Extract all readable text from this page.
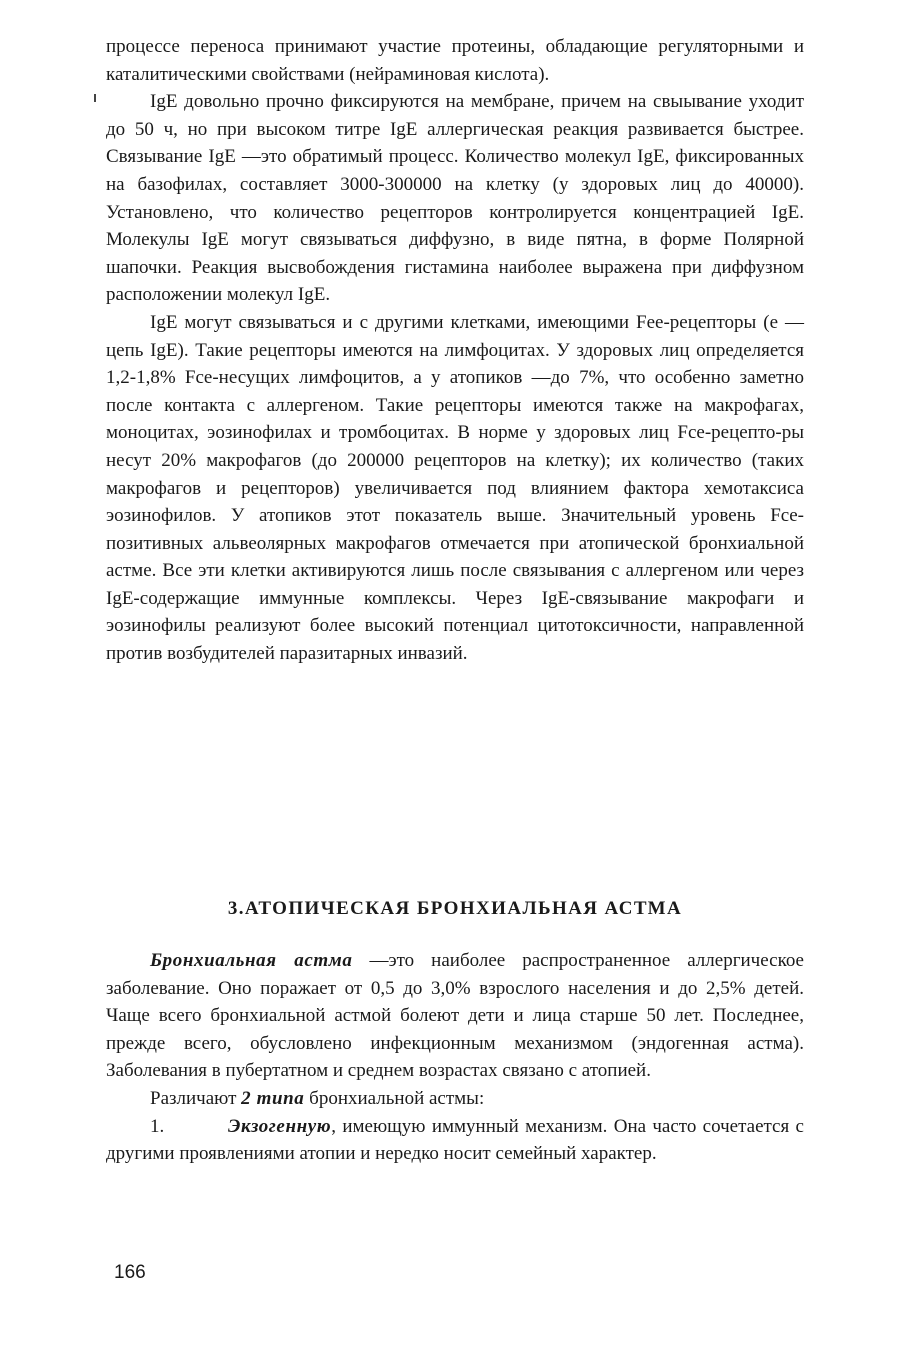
процессе переноса принимают участие протеины, обладающие регуляторными и каталитическими свойствами (нейраминовая кислота).

IgE довольно прочно фиксируются на мембране, причем на свыывание уходит до 50 ч, но при высоком титре IgE аллергическая реакция развивается быстрее. Связывание IgE —это обратимый процесс. Количество молекул IgE, фиксированных на базофилах, составляет 3000-300000 на клетку (у здоровых лиц до 40000). Установлено, что количество рецепторов контролируется концентрацией IgE. Молекулы IgE могут связываться диффузно, в виде пятна, в форме Полярной шапочки. Реакция высвобождения гистамина наиболее выражена при диффузном расположении молекул IgE.

IgE могут связываться и с другими клетками, имеющими Fee-рецепторы (е —цепь IgE). Такие рецепторы имеются на лимфоцитах. У здоровых лиц определяется 1,2-1,8% Fce-несущих лимфоцитов, а у атопиков —до 7%, что особенно заметно после контакта с аллергеном. Такие рецепторы имеются также на макрофагах, моноцитах, эозинофилах и тромбоцитах. В норме у здоровых лиц Fce-рецепто-ры несут 20% макрофагов (до 200000 рецепторов на клетку); их количество (таких макрофагов и рецепторов) увеличивается под влиянием фактора хемотаксиса эозинофилов. У атопиков этот показатель выше. Значительный уровень Fce-позитивных альвеолярных макрофагов отмечается при атопической бронхиальной астме. Все эти клетки активируются лишь после связывания с аллергеном или через IgE-содержащие иммунные комплексы. Через IgE-связывание макрофаги и эозинофилы реализуют более высокий потенциал цитотоксичности, направленной против возбудителей паразитарных инвазий.

3.АТОПИЧЕСКАЯ БРОНХИАЛЬНАЯ АСТМА

Бронхиальная астма —это наиболее распространенное аллергическое заболевание. Оно поражает от 0,5 до 3,0% взрослого населения и до 2,5% детей. Чаще всего бронхиальной астмой болеют дети и лица старше 50 лет. Последнее, прежде всего, обусловлено инфекционным механизмом (эндогенная астма). Заболевания в пубертатном и среднем возрастах связано с атопией.

Различают 2 типа бронхиальной астмы:

1.	Экзогенную, имеющую иммунный механизм. Она часто сочетается с другими проявлениями атопии и нередко носит семейный характер.

166
